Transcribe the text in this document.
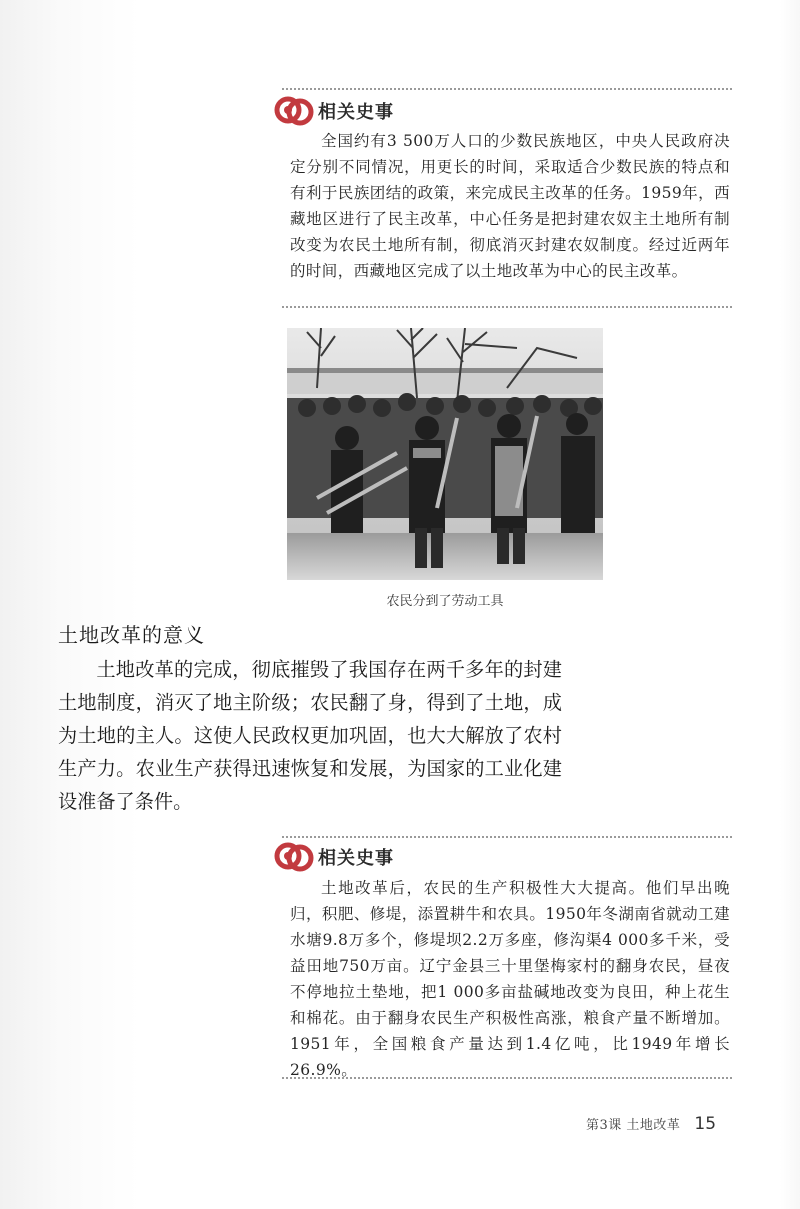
相关史事
全国约有3 500万人口的少数民族地区，中央人民政府决定分别不同情况，用更长的时间，采取适合少数民族的特点和有利于民族团结的政策，来完成民主改革的任务。1959年，西藏地区进行了民主改革，中心任务是把封建农奴主土地所有制改变为农民土地所有制，彻底消灭封建农奴制度。经过近两年的时间，西藏地区完成了以土地改革为中心的民主改革。
农民分到了劳动工具
土地改革的意义
土地改革的完成，彻底摧毁了我国存在两千多年的封建土地制度，消灭了地主阶级；农民翻了身，得到了土地，成为土地的主人。这使人民政权更加巩固，也大大解放了农村生产力。农业生产获得迅速恢复和发展，为国家的工业化建设准备了条件。
相关史事
土地改革后，农民的生产积极性大大提高。他们早出晚归，积肥、修堤，添置耕牛和农具。1950年冬湖南省就动工建水塘9.8万多个，修堤坝2.2万多座，修沟渠4 000多千米，受益田地750万亩。辽宁金县三十里堡梅家村的翻身农民，昼夜不停地拉土垫地，把1 000多亩盐碱地改变为良田，种上花生和棉花。由于翻身农民生产积极性高涨，粮食产量不断增加。1951年，全国粮食产量达到1.4亿吨，比1949年增长26.9%。
第3课 土地改革 15
